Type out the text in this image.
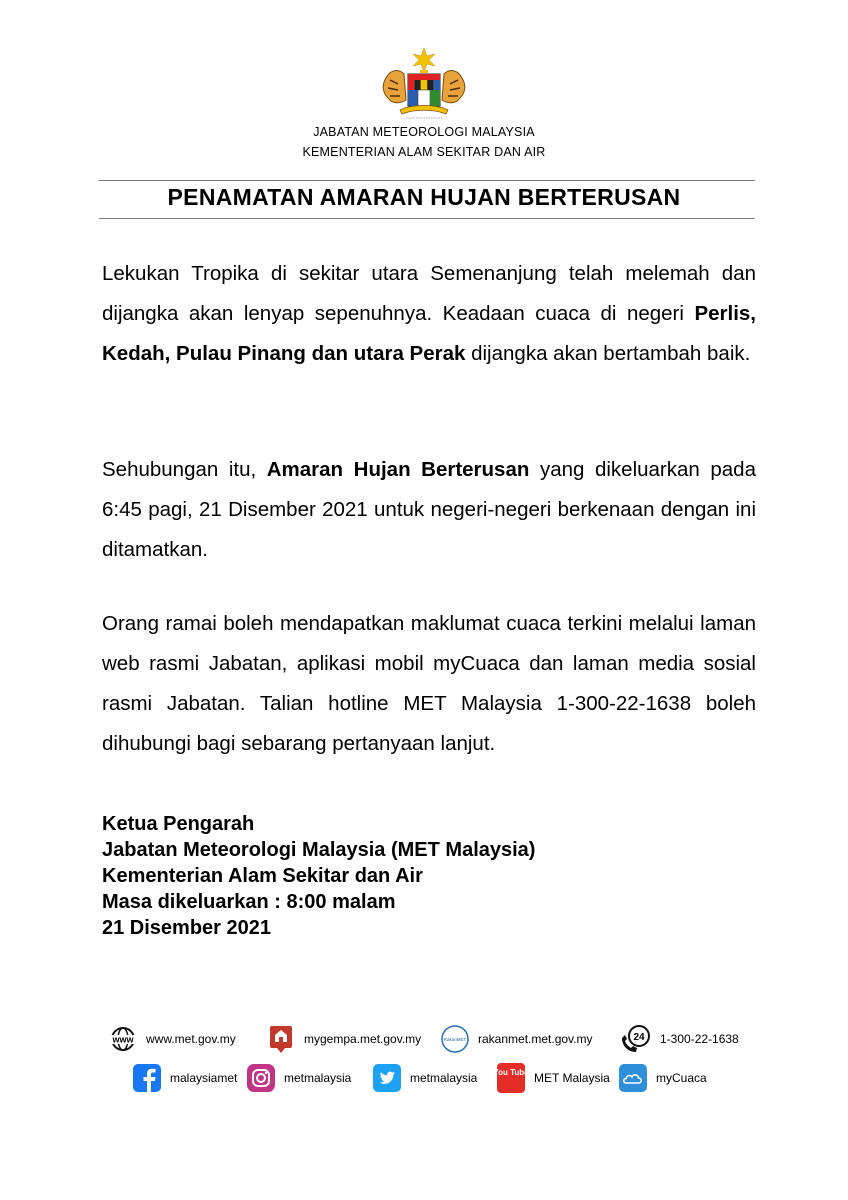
JABATAN METEOROLOGI MALAYSIA
KEMENTERIAN ALAM SEKITAR DAN AIR
PENAMATAN AMARAN HUJAN BERTERUSAN
Lekukan Tropika di sekitar utara Semenanjung telah melemah dan dijangka akan lenyap sepenuhnya. Keadaan cuaca di negeri Perlis, Kedah, Pulau Pinang dan utara Perak dijangka akan bertambah baik.
Sehubungan itu, Amaran Hujan Berterusan yang dikeluarkan pada 6:45 pagi, 21 Disember 2021 untuk negeri-negeri berkenaan dengan ini ditamatkan.
Orang ramai boleh mendapatkan maklumat cuaca terkini melalui laman web rasmi Jabatan, aplikasi mobil myCuaca dan laman media sosial rasmi Jabatan. Talian hotline MET Malaysia 1-300-22-1638 boleh dihubungi bagi sebarang pertanyaan lanjut.
Ketua Pengarah
Jabatan Meteorologi Malaysia (MET Malaysia)
Kementerian Alam Sekitar dan Air
Masa dikeluarkan : 8:00 malam
21 Disember 2021
www www.met.gov.my	mygempa.met.gov.my	RakanMET rakanmet.met.gov.my	24 1-300-22-1638
malaysiamet	metmalaysia	metmalaysia You Tube MET Malaysia	myCuaca
